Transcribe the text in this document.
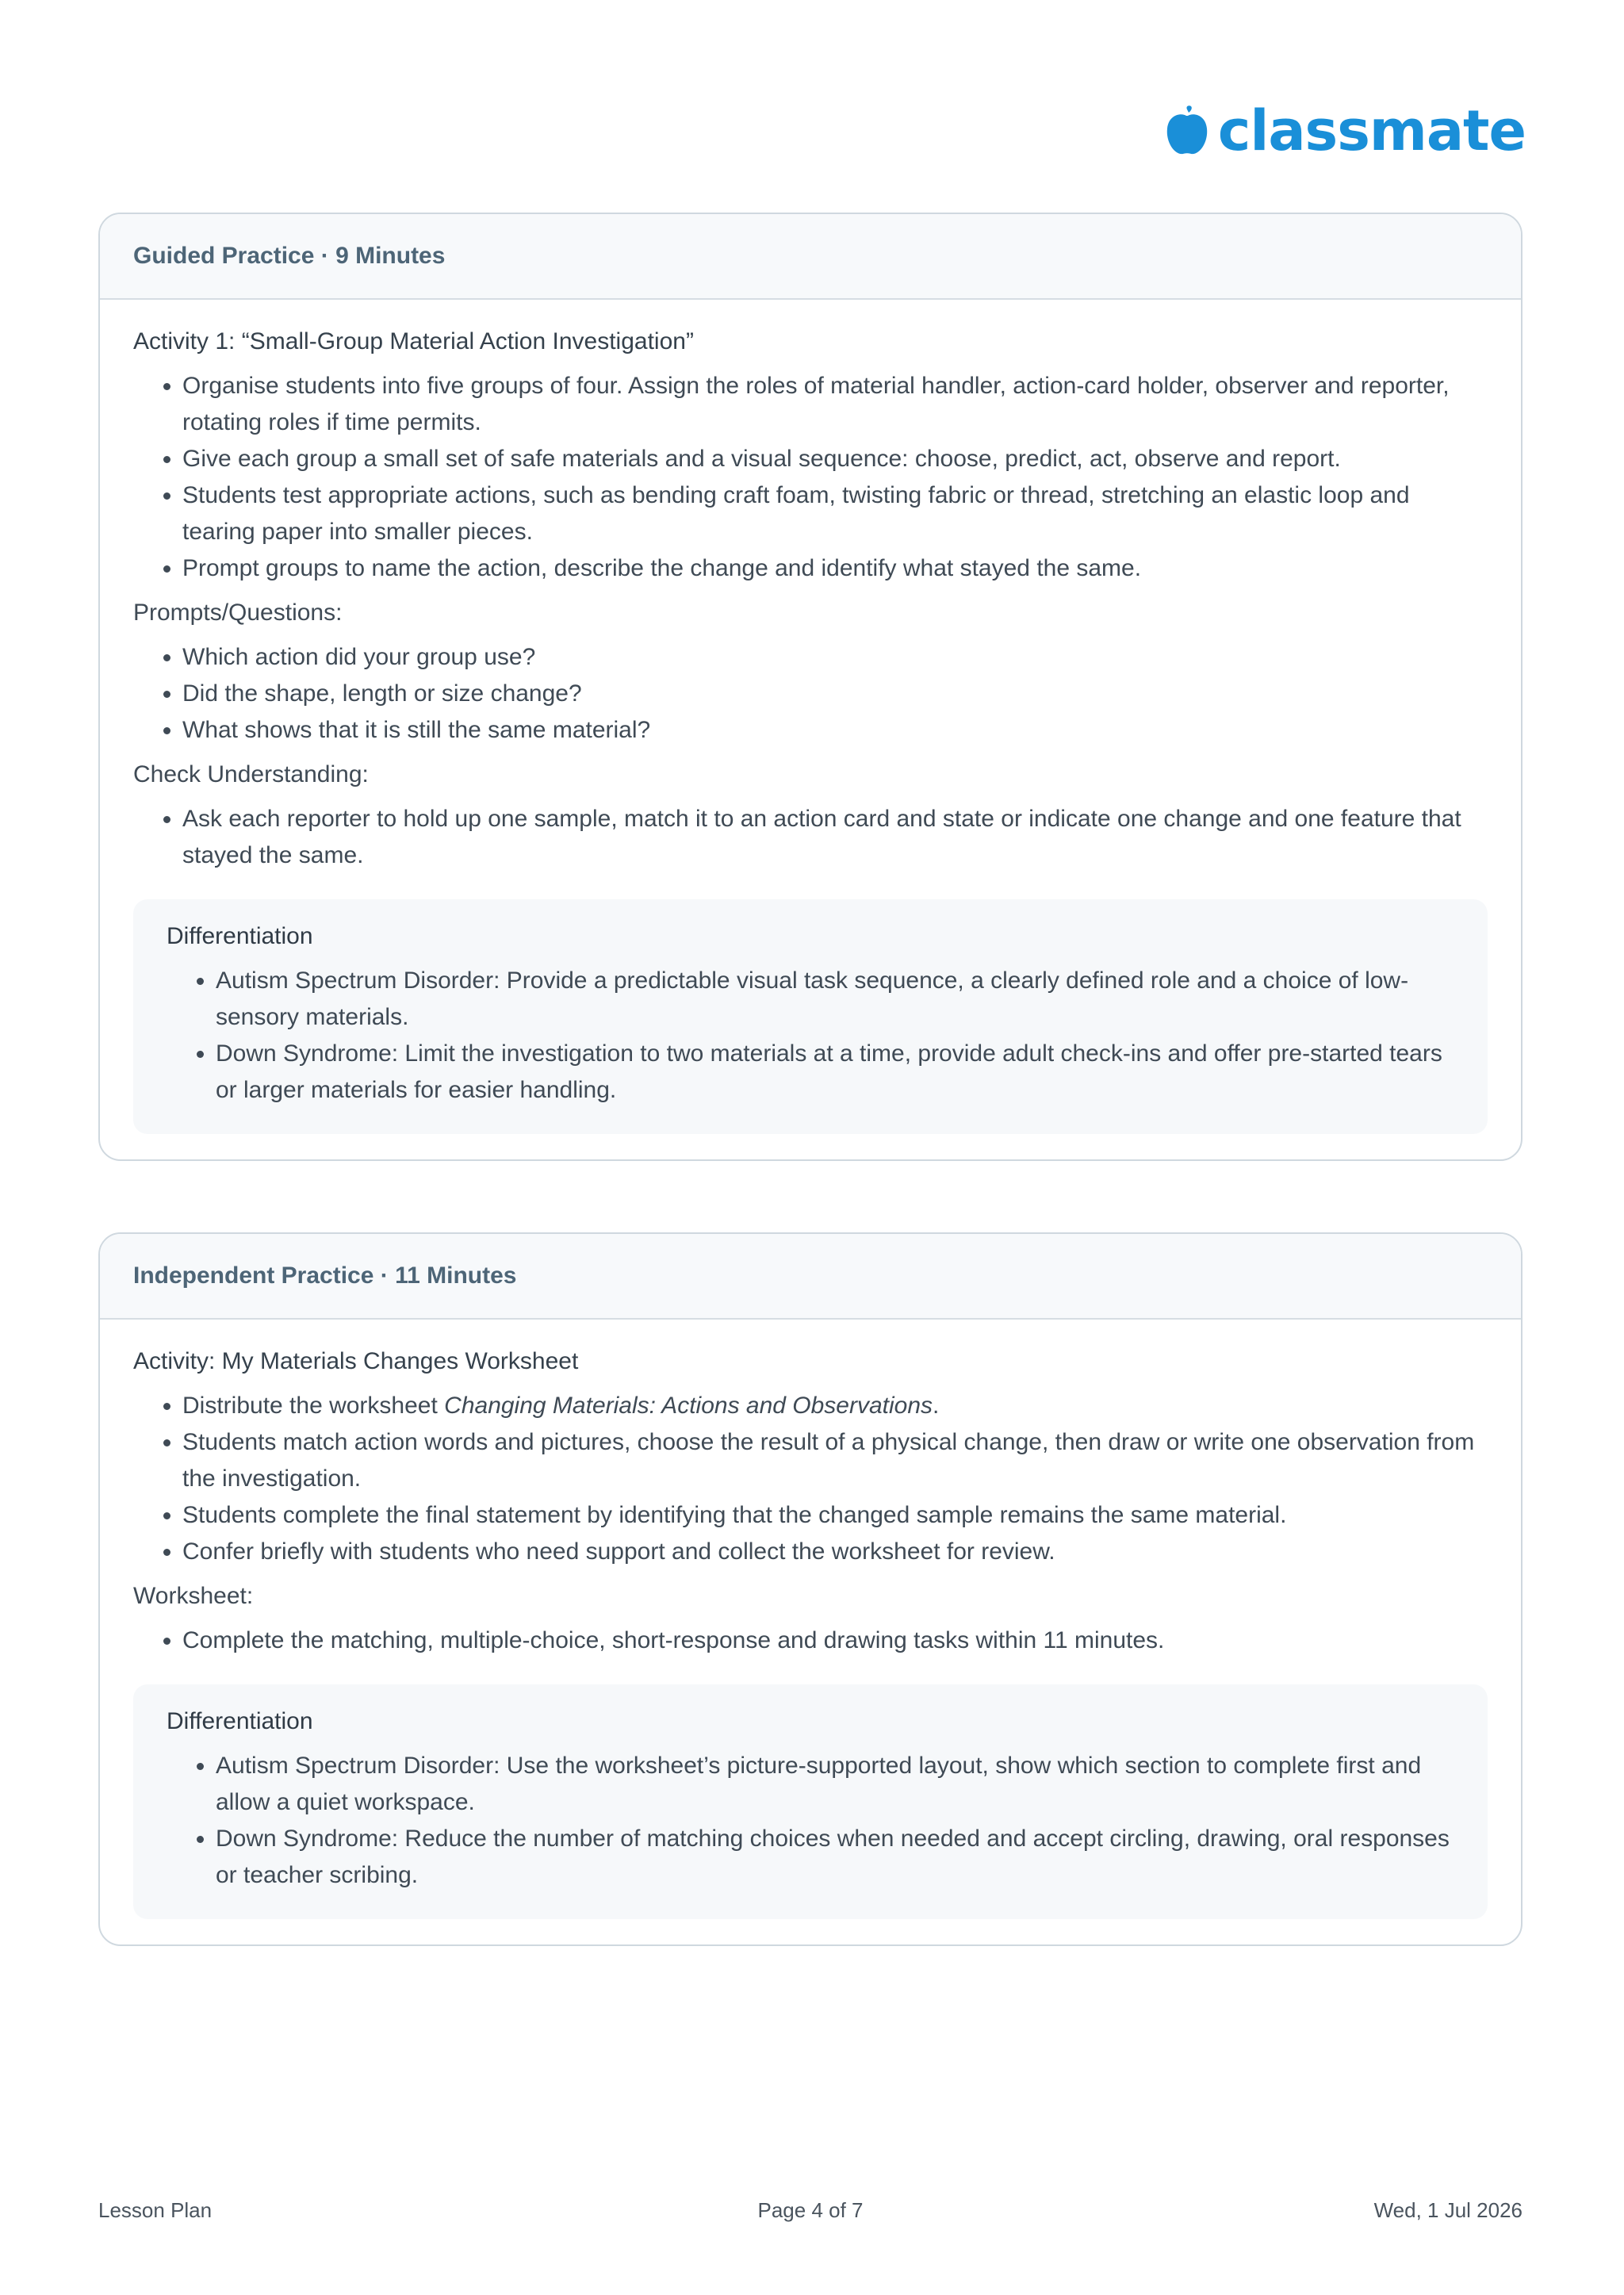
classmate
Guided Practice · 9 Minutes
Activity 1: “Small-Group Material Action Investigation”
• Organise students into five groups of four. Assign the roles of material handler, action-card holder, observer and reporter, rotating roles if time permits.
• Give each group a small set of safe materials and a visual sequence: choose, predict, act, observe and report.
• Students test appropriate actions, such as bending craft foam, twisting fabric or thread, stretching an elastic loop and tearing paper into smaller pieces.
• Prompt groups to name the action, describe the change and identify what stayed the same.
Prompts/Questions:
• Which action did your group use?
• Did the shape, length or size change?
• What shows that it is still the same material?
Check Understanding:
• Ask each reporter to hold up one sample, match it to an action card and state or indicate one change and one feature that stayed the same.
Differentiation
• Autism Spectrum Disorder: Provide a predictable visual task sequence, a clearly defined role and a choice of low-sensory materials.
• Down Syndrome: Limit the investigation to two materials at a time, provide adult check-ins and offer pre-started tears or larger materials for easier handling.
Independent Practice · 11 Minutes
Activity: My Materials Changes Worksheet
• Distribute the worksheet Changing Materials: Actions and Observations.
• Students match action words and pictures, choose the result of a physical change, then draw or write one observation from the investigation.
• Students complete the final statement by identifying that the changed sample remains the same material.
• Confer briefly with students who need support and collect the worksheet for review.
Worksheet:
• Complete the matching, multiple-choice, short-response and drawing tasks within 11 minutes.
Differentiation
• Autism Spectrum Disorder: Use the worksheet’s picture-supported layout, show which section to complete first and allow a quiet workspace.
• Down Syndrome: Reduce the number of matching choices when needed and accept circling, drawing, oral responses or teacher scribing.
Lesson Plan	Page 4 of 7	Wed, 1 Jul 2026
